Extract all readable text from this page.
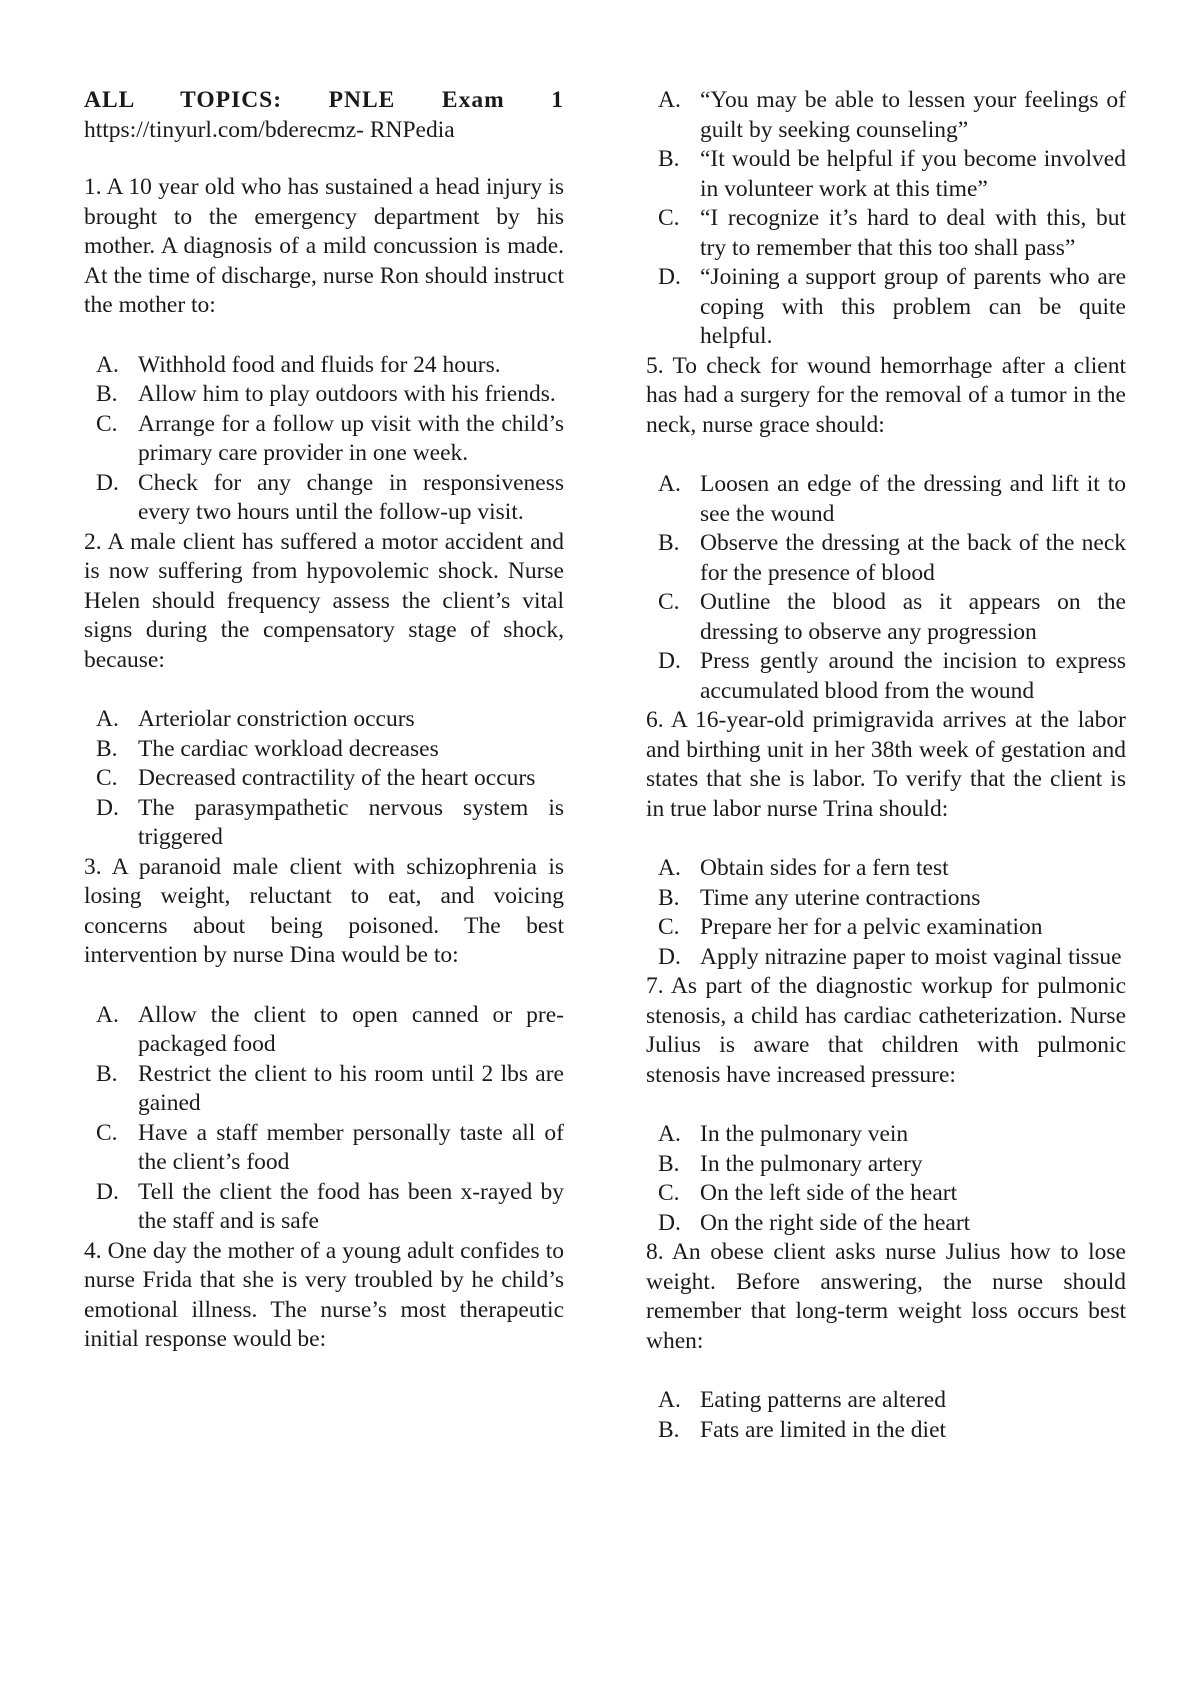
ALL TOPICS: PNLE Exam 1

https://tinyurl.com/bderecmz- RNPedia

1. A 10 year old who has sustained a head injury is brought to the emergency department by his mother. A diagnosis of a mild concussion is made. At the time of discharge, nurse Ron should instruct the mother to:

A. Withhold food and fluids for 24 hours.
B. Allow him to play outdoors with his friends.
C. Arrange for a follow up visit with the child’s primary care provider in one week.
D. Check for any change in responsiveness every two hours until the follow-up visit.

2. A male client has suffered a motor accident and is now suffering from hypovolemic shock. Nurse Helen should frequency assess the client’s vital signs during the compensatory stage of shock, because:

A. Arteriolar constriction occurs
B. The cardiac workload decreases
C. Decreased contractility of the heart occurs
D. The parasympathetic nervous system is triggered

3. A paranoid male client with schizophrenia is losing weight, reluctant to eat, and voicing concerns about being poisoned. The best intervention by nurse Dina would be to:

A. Allow the client to open canned or pre-packaged food
B. Restrict the client to his room until 2 lbs are gained
C. Have a staff member personally taste all of the client’s food
D. Tell the client the food has been x-rayed by the staff and is safe

4. One day the mother of a young adult confides to nurse Frida that she is very troubled by he child’s emotional illness. The nurse’s most therapeutic initial response would be:

A. “You may be able to lessen your feelings of guilt by seeking counseling”
B. “It would be helpful if you become involved in volunteer work at this time”
C. “I recognize it’s hard to deal with this, but try to remember that this too shall pass”
D. “Joining a support group of parents who are coping with this problem can be quite helpful.

5. To check for wound hemorrhage after a client has had a surgery for the removal of a tumor in the neck, nurse grace should:

A. Loosen an edge of the dressing and lift it to see the wound
B. Observe the dressing at the back of the neck for the presence of blood
C. Outline the blood as it appears on the dressing to observe any progression
D. Press gently around the incision to express accumulated blood from the wound

6. A 16-year-old primigravida arrives at the labor and birthing unit in her 38th week of gestation and states that she is labor. To verify that the client is in true labor nurse Trina should:

A. Obtain sides for a fern test
B. Time any uterine contractions
C. Prepare her for a pelvic examination
D. Apply nitrazine paper to moist vaginal tissue

7. As part of the diagnostic workup for pulmonic stenosis, a child has cardiac catheterization. Nurse Julius is aware that children with pulmonic stenosis have increased pressure:

A. In the pulmonary vein
B. In the pulmonary artery
C. On the left side of the heart
D. On the right side of the heart

8. An obese client asks nurse Julius how to lose weight. Before answering, the nurse should remember that long-term weight loss occurs best when:

A. Eating patterns are altered
B. Fats are limited in the diet
